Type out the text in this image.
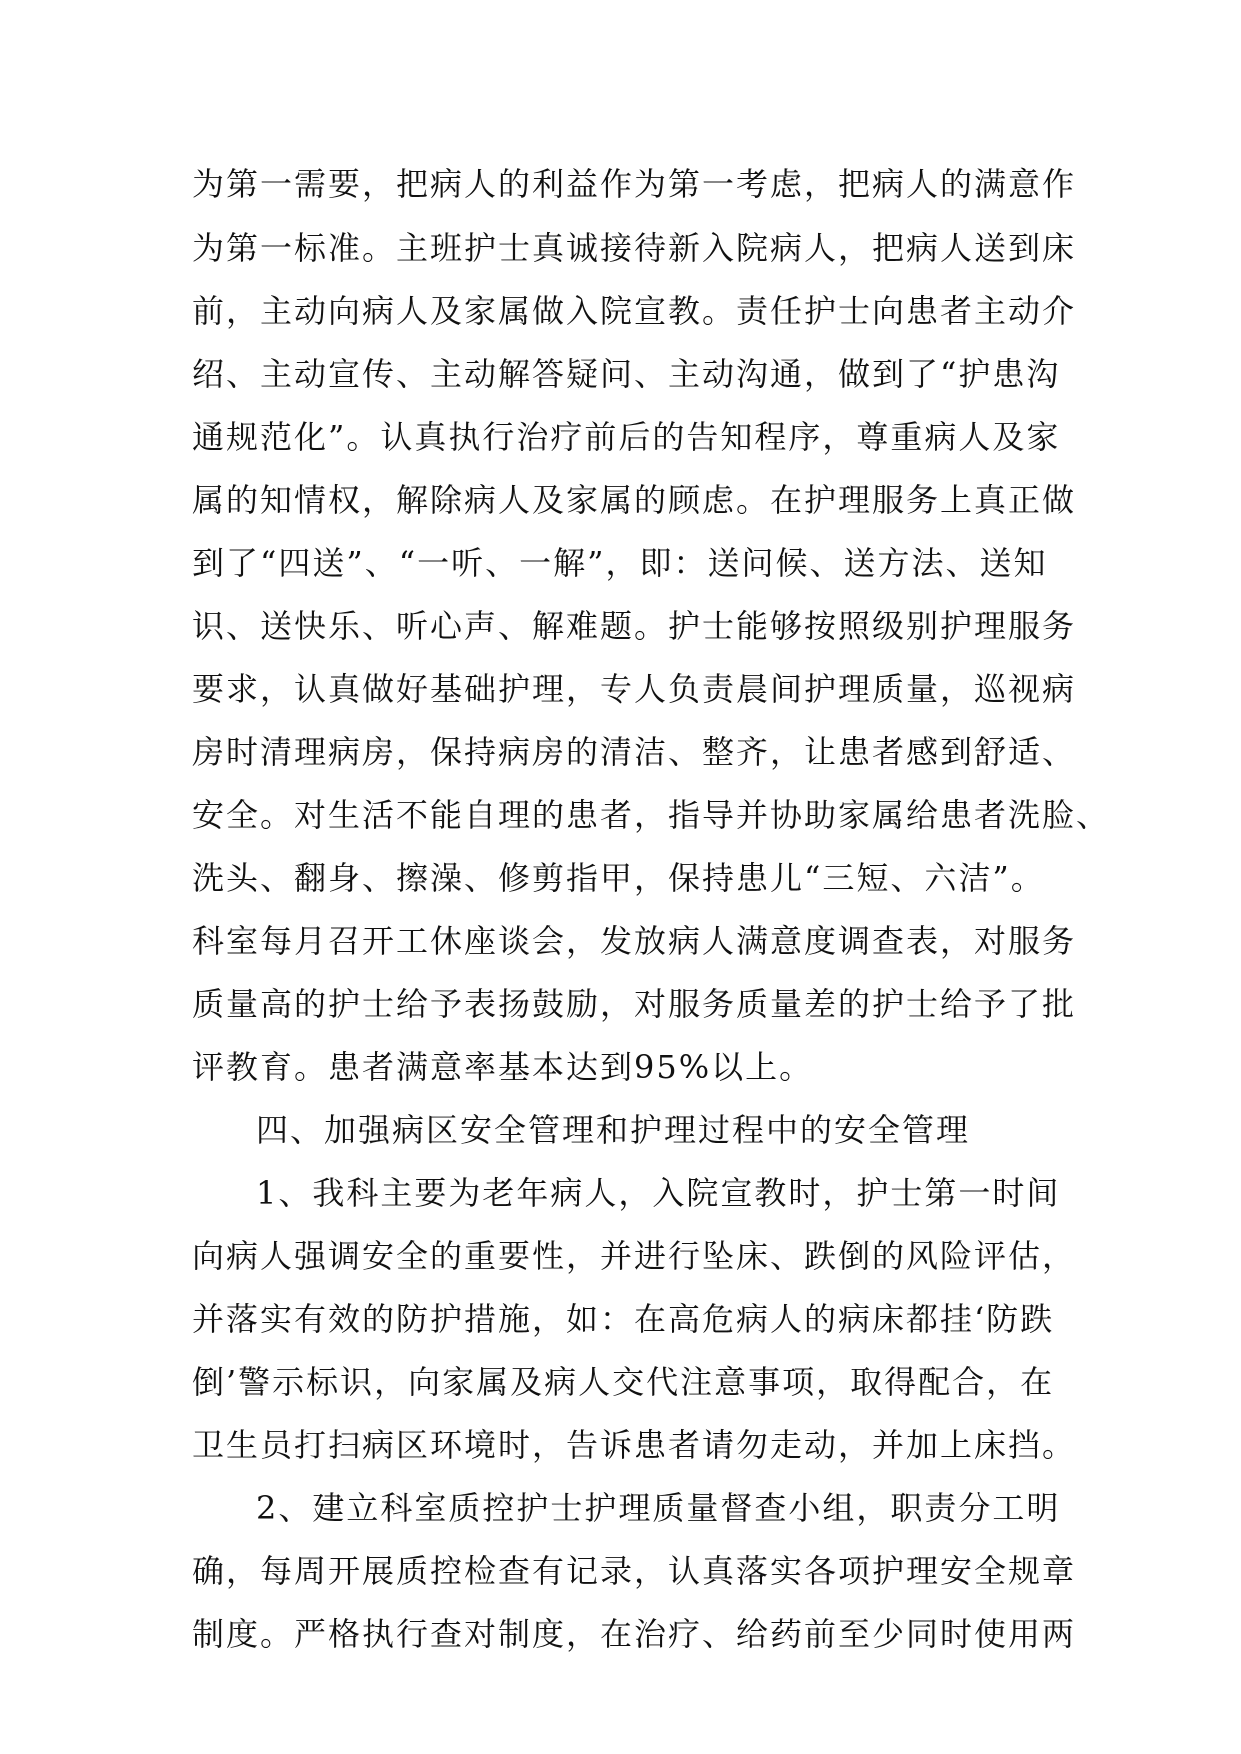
为第一需要，把病人的利益作为第一考虑，把病人的满意作
为第一标准。主班护士真诚接待新入院病人，把病人送到床
前，主动向病人及家属做入院宣教。责任护士向患者主动介
绍、主动宣传、主动解答疑问、主动沟通，做到了“护患沟
通规范化”。认真执行治疗前后的告知程序，尊重病人及家
属的知情权，解除病人及家属的顾虑。在护理服务上真正做
到了“四送”、“一听、一解”，即：送问候、送方法、送知
识、送快乐、听心声、解难题。护士能够按照级别护理服务
要求，认真做好基础护理，专人负责晨间护理质量，巡视病
房时清理病房，保持病房的清洁、整齐，让患者感到舒适、
安全。对生活不能自理的患者，指导并协助家属给患者洗脸、
洗头、翻身、擦澡、修剪指甲，保持患儿“三短、六洁”。
科室每月召开工休座谈会，发放病人满意度调查表，对服务
质量高的护士给予表扬鼓励，对服务质量差的护士给予了批
评教育。患者满意率基本达到95%以上。
四、加强病区安全管理和护理过程中的安全管理
1、我科主要为老年病人，入院宣教时，护士第一时间
向病人强调安全的重要性，并进行坠床、跌倒的风险评估，
并落实有效的防护措施，如：在高危病人的病床都挂‘防跌
倒’警示标识，向家属及病人交代注意事项，取得配合，在
卫生员打扫病区环境时，告诉患者请勿走动，并加上床挡。
2、建立科室质控护士护理质量督查小组，职责分工明
确，每周开展质控检查有记录，认真落实各项护理安全规章
制度。严格执行查对制度，在治疗、给药前至少同时使用两
